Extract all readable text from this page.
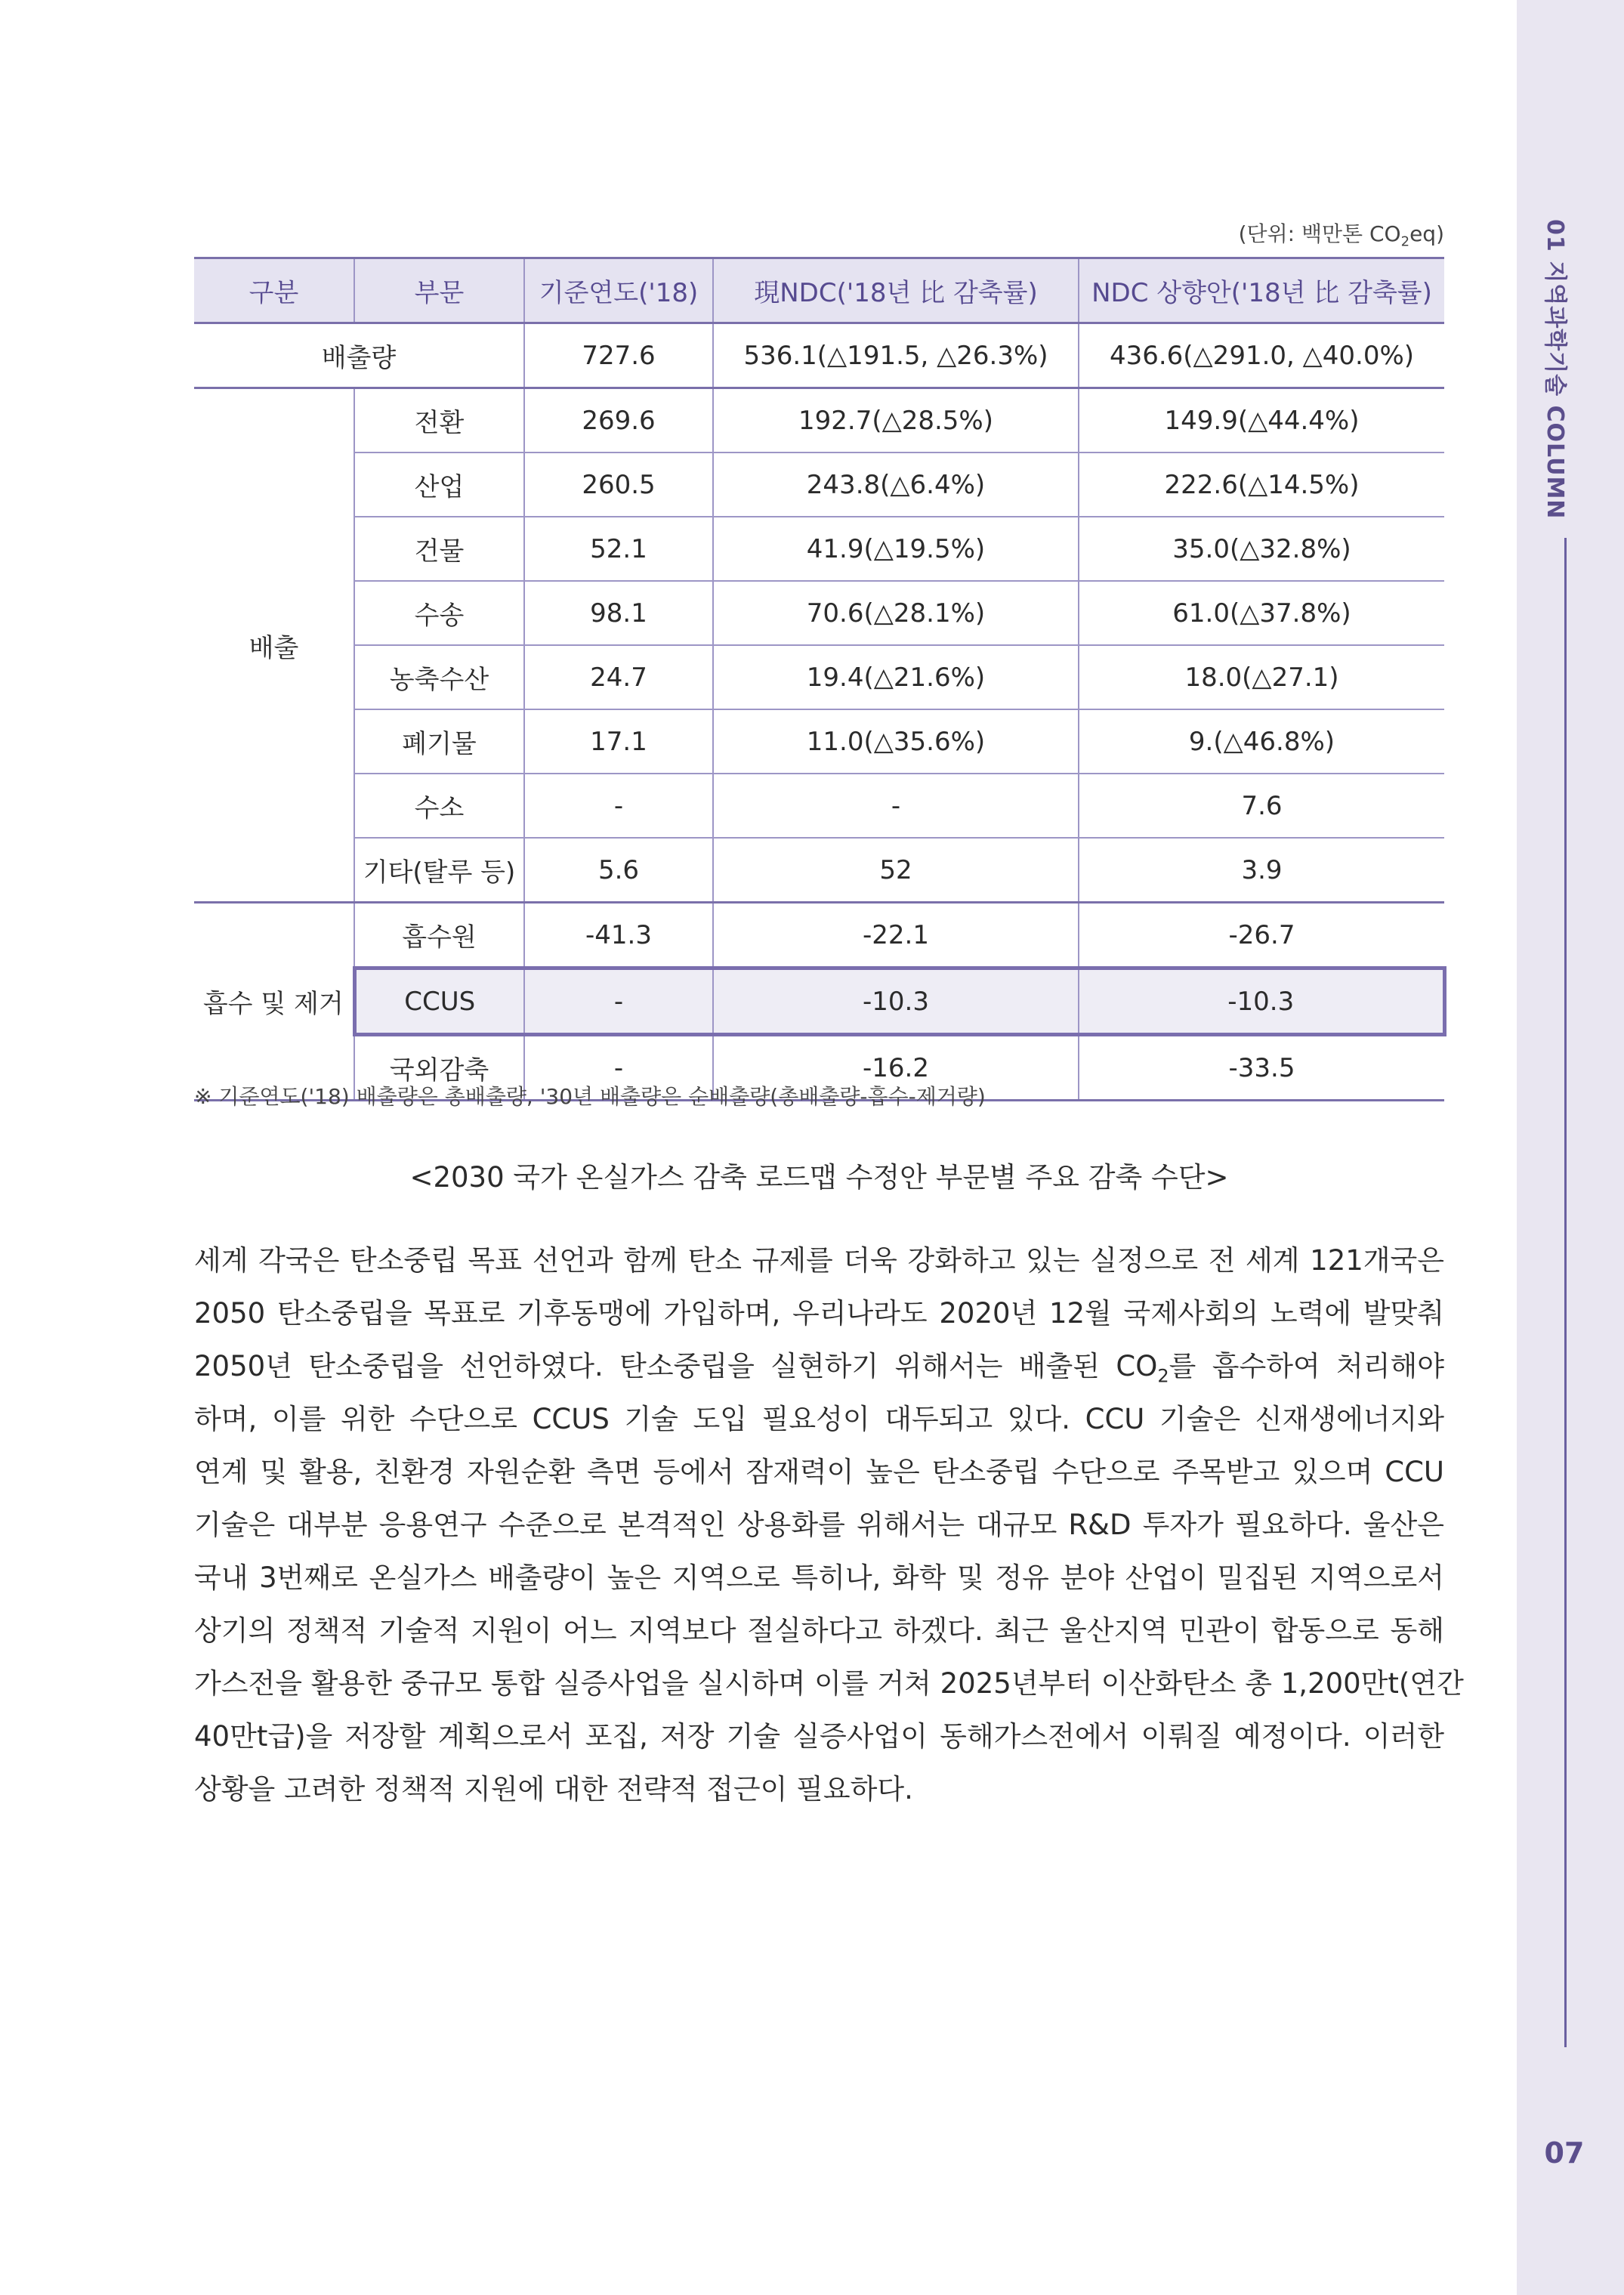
01 지역과학기술 COLUMN
07
(단위: 백만톤 $CO_2eq$)
구분	부문	기준연도('18)	現NDC('18년 比 감축률)	NDC 상향안('18년 比 감축률)
배출량		727.6	536.1(△191.5, △26.3%)	436.6(△291.0, △40.0%)
배출	전환	269.6	192.7(△28.5%)	149.9(△44.4%)
	산업	260.5	243.8(△6.4%)	222.6(△14.5%)
	건물	52.1	41.9(△19.5%)	35.0(△32.8%)
	수송	98.1	70.6(△28.1%)	61.0(△37.8%)
	농축수산	24.7	19.4(△21.6%)	18.0(△27.1)
	폐기물	17.1	11.0(△35.6%)	9.(△46.8%)
	수소	-	-	7.6
	기타(탈루 등)	5.6	52	3.9
흡수 및 제거	흡수원	-41.3	-22.1	-26.7
	CCUS	-	-10.3	-10.3
	국외감축	-	-16.2	-33.5
※ 기준연도('18) 배출량은 총배출량, '30년 배출량은 순배출량(총배출량-흡수-제거량)
<2030 국가 온실가스 감축 로드맵 수정안 부문별 주요 감축 수단>
세계 각국은 탄소중립 목표 선언과 함께 탄소 규제를 더욱 강화하고 있는 실정으로 전 세계 121개국은
2050 탄소중립을 목표로 기후동맹에 가입하며, 우리나라도 2020년 12월 국제사회의 노력에 발맞춰
2050년 탄소중립을 선언하였다. 탄소중립을 실현하기 위해서는 배출된 $CO_2$를 흡수하여 처리해야
하며, 이를 위한 수단으로 CCUS 기술 도입 필요성이 대두되고 있다. CCU 기술은 신재생에너지와
연계 및 활용, 친환경 자원순환 측면 등에서 잠재력이 높은 탄소중립 수단으로 주목받고 있으며 CCU
기술은 대부분 응용연구 수준으로 본격적인 상용화를 위해서는 대규모 R&D 투자가 필요하다. 울산은
국내 3번째로 온실가스 배출량이 높은 지역으로 특히나, 화학 및 정유 분야 산업이 밀집된 지역으로서
상기의 정책적 기술적 지원이 어느 지역보다 절실하다고 하겠다. 최근 울산지역 민관이 합동으로 동해
가스전을 활용한 중규모 통합 실증사업을 실시하며 이를 거쳐 2025년부터 이산화탄소 총 1,200만t(연간
40만t급)을 저장할 계획으로서 포집, 저장 기술 실증사업이 동해가스전에서 이뤄질 예정이다. 이러한
상황을 고려한 정책적 지원에 대한 전략적 접근이 필요하다.
